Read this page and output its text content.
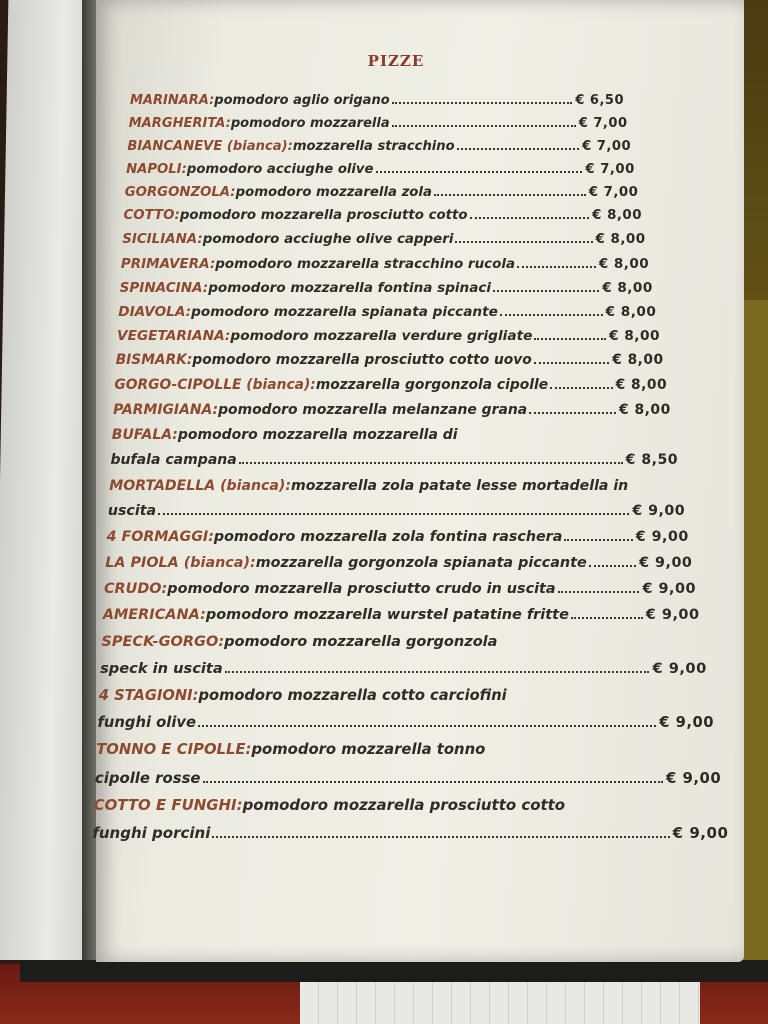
PIZZE
MARINARA: pomodoro aglio origano	€ 6,50
MARGHERITA: pomodoro mozzarella	€ 7,00
BIANCANEVE (bianca): mozzarella stracchino	€ 7,00
NAPOLI: pomodoro acciughe olive	€ 7,00
GORGONZOLA: pomodoro mozzarella zola	€ 7,00
COTTO: pomodoro mozzarella prosciutto cotto	€ 8,00
SICILIANA: pomodoro acciughe olive capperi	€ 8,00
PRIMAVERA: pomodoro mozzarella stracchino rucola	€ 8,00
SPINACINA: pomodoro mozzarella fontina spinaci	€ 8,00
DIAVOLA: pomodoro mozzarella spianata piccante	€ 8,00
VEGETARIANA: pomodoro mozzarella verdure grigliate	€ 8,00
BISMARK: pomodoro mozzarella prosciutto cotto uovo	€ 8,00
GORGO-CIPOLLE (bianca): mozzarella gorgonzola cipolle	€ 8,00
PARMIGIANA: pomodoro mozzarella melanzane grana	€ 8,00
BUFALA: pomodoro mozzarella mozzarella di
bufala campana	€ 8,50
MORTADELLA (bianca): mozzarella zola patate lesse mortadella in
uscita	€ 9,00
4 FORMAGGI: pomodoro mozzarella zola fontina raschera	€ 9,00
LA PIOLA (bianca): mozzarella gorgonzola spianata piccante	€ 9,00
CRUDO: pomodoro mozzarella prosciutto crudo in uscita	€ 9,00
AMERICANA: pomodoro mozzarella wurstel patatine fritte	€ 9,00
SPECK-GORGO: pomodoro mozzarella gorgonzola
speck in uscita	€ 9,00
4 STAGIONI: pomodoro mozzarella cotto carciofini
funghi olive	€ 9,00
TONNO E CIPOLLE: pomodoro mozzarella tonno
cipolle rosse	€ 9,00
COTTO E FUNGHI: pomodoro mozzarella prosciutto cotto
funghi porcini	€ 9,00
